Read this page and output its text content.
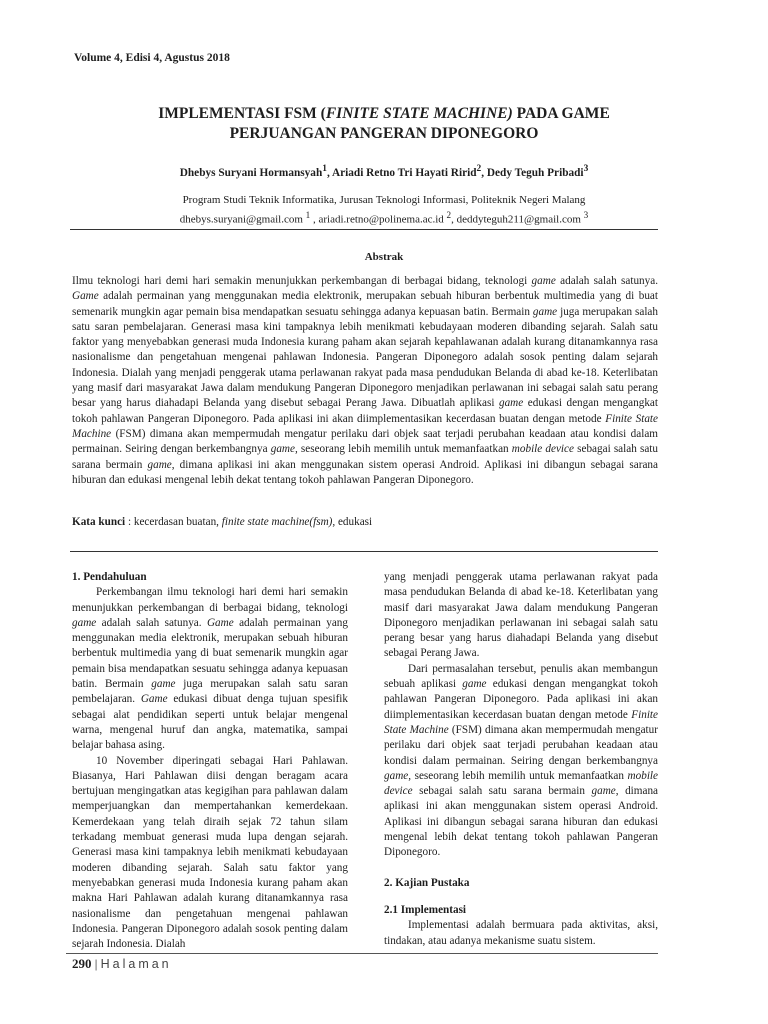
Volume 4, Edisi 4, Agustus 2018
IMPLEMENTASI FSM (FINITE STATE MACHINE) PADA GAME
PERJUANGAN PANGERAN DIPONEGORO
Dhebys Suryani Hormansyah$^1$, Ariadi Retno Tri Hayati Ririd$^2$, Dedy Teguh Pribadi$^3$
Program Studi Teknik Informatika, Jurusan Teknologi Informasi, Politeknik Negeri Malang
dhebys.suryani@gmail.com $^1$ , ariadi.retno@polinema.ac.id $^2$, deddyteguh211@gmail.com $^3$
Abstrak

Ilmu teknologi hari demi hari semakin menunjukkan perkembangan di berbagai bidang, teknologi game adalah salah satunya. Game adalah permainan yang menggunakan media elektronik, merupakan sebuah hiburan berbentuk multimedia yang di buat semenarik mungkin agar pemain bisa mendapatkan sesuatu sehingga adanya kepuasan batin. Bermain game juga merupakan salah satu saran pembelajaran. Generasi masa kini tampaknya lebih menikmati kebudayaan moderen dibanding sejarah. Salah satu faktor yang menyebabkan generasi muda Indonesia kurang paham akan sejarah kepahlawanan adalah kurang ditanamkannya rasa nasionalisme dan pengetahuan mengenai pahlawan Indonesia. Pangeran Diponegoro adalah sosok penting dalam sejarah Indonesia. Dialah yang menjadi penggerak utama perlawanan rakyat pada masa pendudukan Belanda di abad ke-18. Keterlibatan yang masif dari masyarakat Jawa dalam mendukung Pangeran Diponegoro menjadikan perlawanan ini sebagai salah satu perang besar yang harus diahadapi Belanda yang disebut sebagai Perang Jawa. Dibuatlah aplikasi game edukasi dengan mengangkat tokoh pahlawan Pangeran Diponegoro. Pada aplikasi ini akan diimplementasikan kecerdasan buatan dengan metode Finite State Machine (FSM) dimana akan mempermudah mengatur perilaku dari objek saat terjadi perubahan keadaan atau kondisi dalam permainan. Seiring dengan berkembangnya game, seseorang lebih memilih untuk memanfaatkan mobile device sebagai salah satu sarana bermain game, dimana aplikasi ini akan menggunakan sistem operasi Android. Aplikasi ini dibangun sebagai sarana hiburan dan edukasi mengenal lebih dekat tentang tokoh pahlawan Pangeran Diponegoro.

Kata kunci : kecerdasan buatan, finite state machine(fsm), edukasi

1. Pendahuluan

Perkembangan ilmu teknologi hari demi hari semakin menunjukkan perkembangan di berbagai bidang, teknologi game adalah salah satunya. Game adalah permainan yang menggunakan media elektronik, merupakan sebuah hiburan berbentuk multimedia yang di buat semenarik mungkin agar pemain bisa mendapatkan sesuatu sehingga adanya kepuasan batin. Bermain game juga merupakan salah satu saran pembelajaran. Game edukasi dibuat denga tujuan spesifik sebagai alat pendidikan seperti untuk belajar mengenal warna, mengenal huruf dan angka, matematika, sampai belajar bahasa asing.

10 November diperingati sebagai Hari Pahlawan. Biasanya, Hari Pahlawan diisi dengan beragam acara bertujuan mengingatkan atas kegigihan para pahlawan dalam memperjuangkan dan mempertahankan kemerdekaan. Kemerdekaan yang telah diraih sejak 72 tahun silam terkadang membuat generasi muda lupa dengan sejarah. Generasi masa kini tampaknya lebih menikmati kebudayaan moderen dibanding sejarah. Salah satu faktor yang menyebabkan generasi muda Indonesia kurang paham akan makna Hari Pahlawan adalah kurang ditanamkannya rasa nasionalisme dan pengetahuan mengenai pahlawan Indonesia. Pangeran Diponegoro adalah sosok penting dalam sejarah Indonesia. Dialah

yang menjadi penggerak utama perlawanan rakyat pada masa pendudukan Belanda di abad ke-18. Keterlibatan yang masif dari masyarakat Jawa dalam mendukung Pangeran Diponegoro menjadikan perlawanan ini sebagai salah satu perang besar yang harus diahadapi Belanda yang disebut sebagai Perang Jawa.

Dari permasalahan tersebut, penulis akan membangun sebuah aplikasi game edukasi dengan mengangkat tokoh pahlawan Pangeran Diponegoro. Pada aplikasi ini akan diimplementasikan kecerdasan buatan dengan metode Finite State Machine (FSM) dimana akan mempermudah mengatur perilaku dari objek saat terjadi perubahan keadaan atau kondisi dalam permainan. Seiring dengan berkembangnya game, seseorang lebih memilih untuk memanfaatkan mobile device sebagai salah satu sarana bermain game, dimana aplikasi ini akan menggunakan sistem operasi Android. Aplikasi ini dibangun sebagai sarana hiburan dan edukasi mengenal lebih dekat tentang tokoh pahlawan Pangeran Diponegoro.

2. Kajian Pustaka

2.1 Implementasi

Implementasi adalah bermuara pada aktivitas, aksi, tindakan, atau adanya mekanisme suatu sistem.

290 | Halaman
